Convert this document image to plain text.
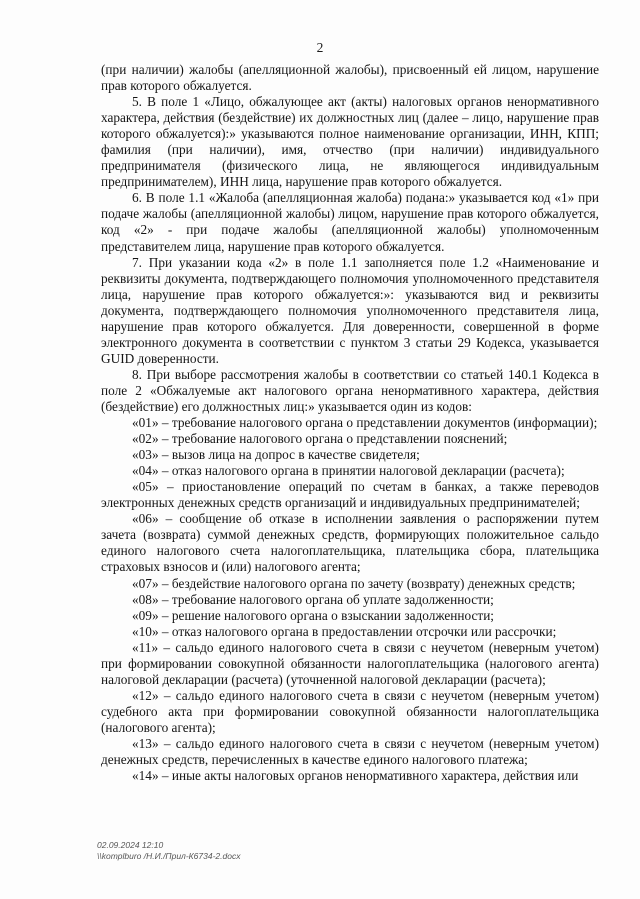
2

(при наличии) жалобы (апелляционной жалобы), присвоенный ей лицом, нарушение прав которого обжалуется.

5. В поле 1 «Лицо, обжалующее акт (акты) налоговых органов ненормативного характера, действия (бездействие) их должностных лиц (далее – лицо, нарушение прав которого обжалуется):» указываются полное наименование организации, ИНН, КПП; фамилия (при наличии), имя, отчество (при наличии) индивидуального предпринимателя (физического лица, не являющегося индивидуальным предпринимателем), ИНН лица, нарушение прав которого обжалуется.

6. В поле 1.1 «Жалоба (апелляционная жалоба) подана:» указывается код «1» при подаче жалобы (апелляционной жалобы) лицом, нарушение прав которого обжалуется, код «2» - при подаче жалобы (апелляционной жалобы) уполномоченным представителем лица, нарушение прав которого обжалуется.

7. При указании кода «2» в поле 1.1 заполняется поле 1.2 «Наименование и реквизиты документа, подтверждающего полномочия уполномоченного представителя лица, нарушение прав которого обжалуется:»: указываются вид и реквизиты документа, подтверждающего полномочия уполномоченного представителя лица, нарушение прав которого обжалуется. Для доверенности, совершенной в форме электронного документа в соответствии с пунктом 3 статьи 29 Кодекса, указывается GUID доверенности.

8. При выборе рассмотрения жалобы в соответствии со статьей 140.1 Кодекса в поле 2 «Обжалуемые акт налогового органа ненормативного характера, действия (бездействие) его должностных лиц:» указывается один из кодов:

«01» – требование налогового органа о представлении документов (информации);

«02» – требование налогового органа о представлении пояснений;

«03» – вызов лица на допрос в качестве свидетеля;

«04» – отказ налогового органа в принятии налоговой декларации (расчета);

«05» – приостановление операций по счетам в банках, а также переводов электронных денежных средств организаций и индивидуальных предпринимателей;

«06» – сообщение об отказе в исполнении заявления о распоряжении путем зачета (возврата) суммой денежных средств, формирующих положительное сальдо единого налогового счета налогоплательщика, плательщика сбора, плательщика страховых взносов и (или) налогового агента;

«07» – бездействие налогового органа по зачету (возврату) денежных средств;

«08» – требование налогового органа об уплате задолженности;

«09» – решение налогового органа о взыскании задолженности;

«10» – отказ налогового органа в предоставлении отсрочки или рассрочки;

«11» – сальдо единого налогового счета в связи с неучетом (неверным учетом) при формировании совокупной обязанности налогоплательщика (налогового агента) налоговой декларации (расчета) (уточненной налоговой декларации (расчета);

«12» – сальдо единого налогового счета в связи с неучетом (неверным учетом) судебного акта при формировании совокупной обязанности налогоплательщика (налогового агента);

«13» – сальдо единого налогового счета в связи с неучетом (неверным учетом) денежных средств, перечисленных в качестве единого налогового платежа;

«14» – иные акты налоговых органов ненормативного характера, действия или

02.09.2024 12:10
\\komplburo /Н.И./Прил-К6734-2.docx
